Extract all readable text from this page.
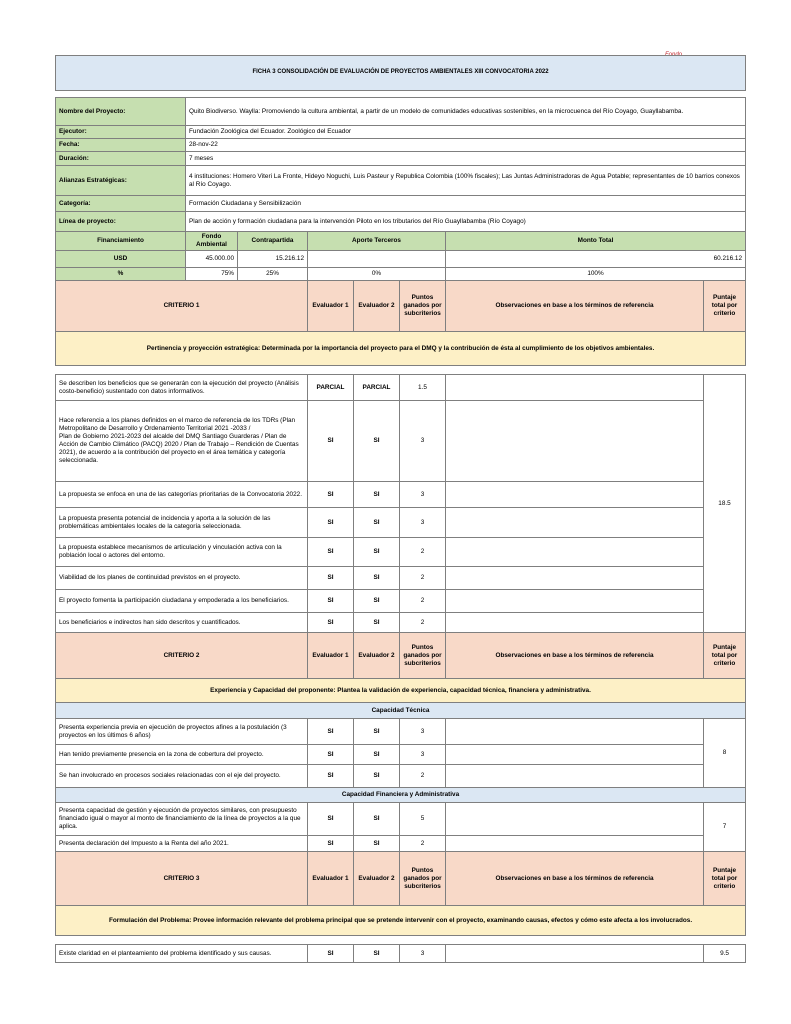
FICHA 3 CONSOLIDACIÓN DE EVALUACIÓN DE PROYECTOS AMBIENTALES XIII CONVOCATORIA 2022							

Nombre del Proyecto:	Quito Biodiverso. Waylla: Promoviendo la cultura ambiental, a partir de un modelo de comunidades educativas sostenibles, en la microcuenca del Río Coyago, Guayllabamba.						
Ejecutor:	Fundación Zoológica del Ecuador. Zoológico del Ecuador						
Fecha:	28-nov-22						
Duración:	7 meses						
Alianzas Estratégicas:	4 instituciones: Homero Viteri La Fronte, Hideyo Noguchi, Luis Pasteur y Republica Colombia (100% fiscales); Las Juntas Administradoras de Agua Potable; representantes de 10 barrios conexos al Río Coyago.						
Categoría:	Formación Ciudadana y Sensibilización						
Línea de proyecto:	Plan de acción y formación ciudadana para la intervención Piloto en los tributarios del Río Guayllabamba (Río Coyago)						
Financiamiento	Fondo Ambiental	Contrapartida	Aporte Terceros			Monto Total	
USD	45.000.00	15.216.12				60.216.12	
%	75%	25%	0%			100%	
CRITERIO 1			Evaluador 1	Evaluador 2	Puntos ganados por subcriterios	Observaciones en base a los términos de referencia	Puntaje total por criterio
Pertinencia y proyección estratégica: Determinada por la importancia del proyecto para el DMQ y la contribución de ésta al cumplimiento de los objetivos ambientales.							

Se describen los beneficios que se generarán con la ejecución del proyecto (Análisis costo-beneficio) sustentado con datos informativos.			PARCIAL	PARCIAL	1.5		18.5
Hace referencia a los planes definidos en el marco de referencia de los TDRs (Plan Metropolitano de Desarrollo y Ordenamiento Territorial 2021 -2033 /
Plan de Gobierno 2021-2023 del alcalde del DMQ Santiago Guarderas / Plan de Acción de Cambio Climático (PACQ) 2020 / Plan de Trabajo – Rendición de Cuentas 2021), de acuerdo a la contribución del proyecto en el área temática y categoría seleccionada.			SI	SI	3		
La propuesta se enfoca en una de las categorías prioritarias de la Convocatoria 2022.			SI	SI	3		
La propuesta presenta potencial de incidencia y aporta a la solución de las problemáticas ambientales locales de la categoría seleccionada.			SI	SI	3		
La propuesta establece mecanismos de articulación y vinculación activa con la población local o actores del entorno.			SI	SI	2		
Viabilidad de los planes de continuidad previstos en el proyecto.			SI	SI	2		
El proyecto fomenta la participación ciudadana y empoderada a los beneficiarios.			SI	SI	2		
Los beneficiarios e indirectos han sido descritos y cuantificados.			SI	SI	2		
CRITERIO 2			Evaluador 1	Evaluador 2	Puntos ganados por subcriterios	Observaciones en base a los términos de referencia	Puntaje total por criterio
Experiencia y Capacidad del proponente: Plantea la validación de experiencia, capacidad técnica, financiera y administrativa.							
Capacidad Técnica							
Presenta experiencia previa en ejecución de proyectos afines a la postulación (3 proyectos en los últimos 6 años)			SI	SI	3		8
Han tenido previamente presencia en la zona de cobertura del proyecto.			SI	SI	3		
Se han involucrado en procesos sociales relacionadas con el eje del proyecto.			SI	SI	2		
Capacidad Financiera y Administrativa							
Presenta capacidad de gestión y ejecución de proyectos similares, con presupuesto financiado igual o mayor al monto de financiamiento de la línea de proyectos a la que aplica.			SI	SI	5		7
Presenta declaración del Impuesto a la Renta del año 2021.			SI	SI	2		
CRITERIO 3			Evaluador 1	Evaluador 2	Puntos ganados por subcriterios	Observaciones en base a los términos de referencia	Puntaje total por criterio
Formulación del Problema: Provee información relevante del problema principal que se pretende intervenir con el proyecto, examinando causas, efectos y cómo este afecta a los involucrados.							

Existe claridad en el planteamiento del problema identificado y sus causas.			SI	SI	3		9.5
